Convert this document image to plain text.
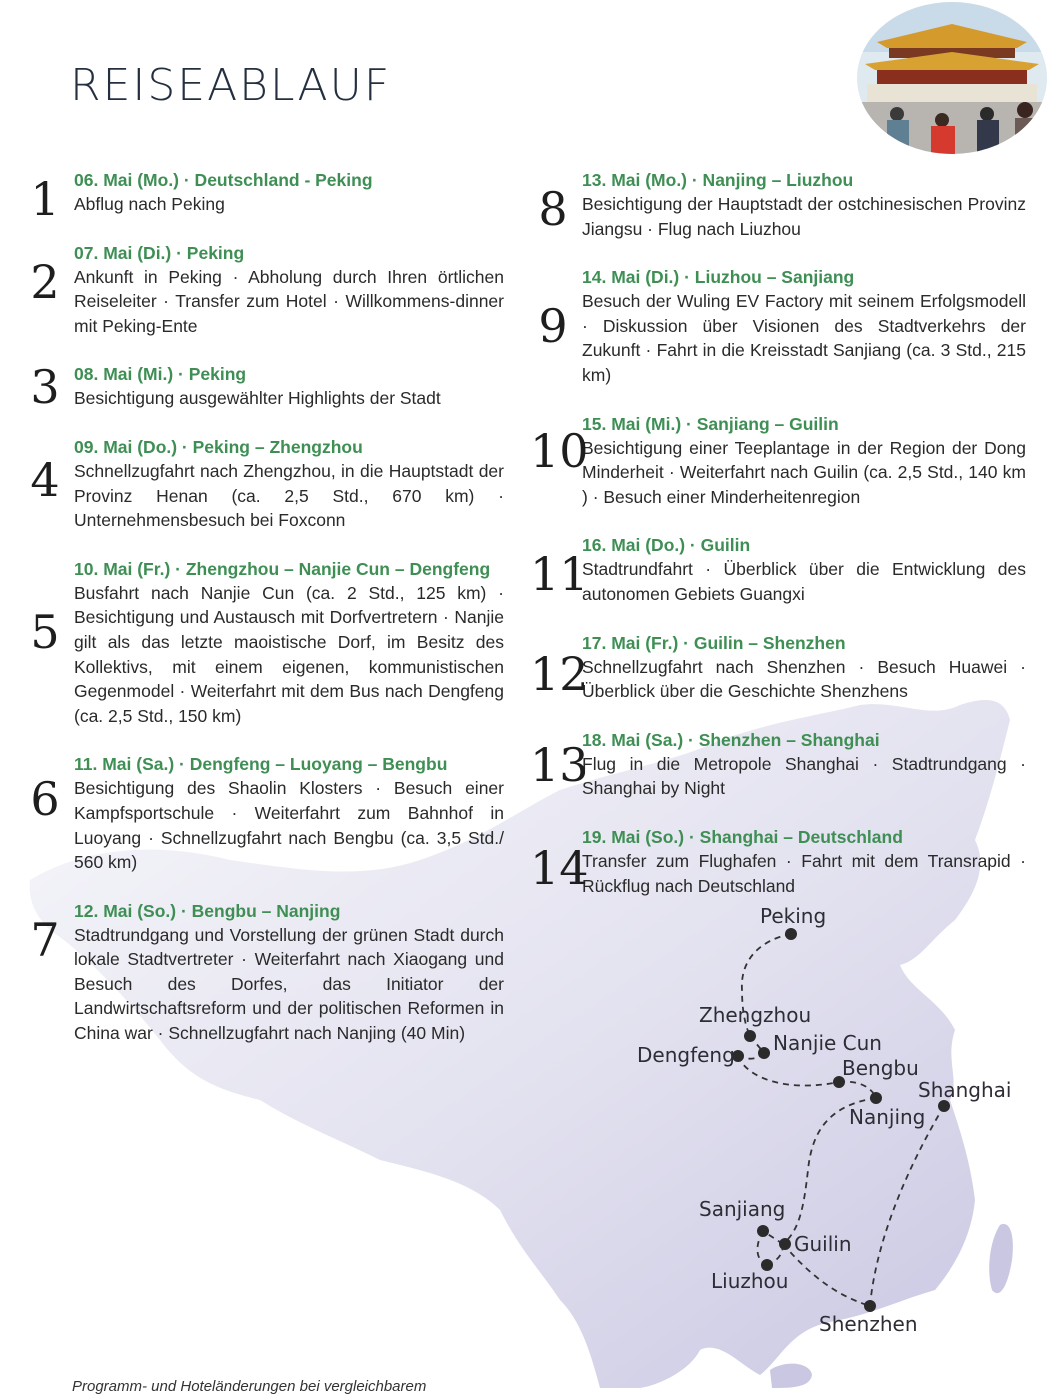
Peking
Zhengzhou
Nanjie Cun
Dengfeng
Bengbu
Nanjing
Shanghai
Sanjiang
Guilin
Liuzhou
Shenzhen
REISEABLAUF
1 06. Mai (Mo.) · Deutschland - Peking
Abflug nach Peking
2
07. Mai (Di.) · Peking
Ankunft in Peking · Abholung durch Ihren örtlichen Reiseleiter · Transfer zum Hotel · Willkommens-dinner mit Peking-Ente
3 08. Mai (Mi.) · Peking
Besichtigung ausgewählter Highlights der Stadt
4
09. Mai (Do.) · Peking – Zhengzhou
Schnellzugfahrt nach Zhengzhou, in die Hauptstadt der Provinz Henan (ca. 2,5 Std., 670 km) · Unternehmensbesuch bei Foxconn
5
10. Mai (Fr.) · Zhengzhou – Nanjie Cun – Dengfeng
Busfahrt nach Nanjie Cun (ca. 2 Std., 125 km) · Besichtigung und Austausch mit Dorfvertretern · Nanjie gilt als das letzte maoistische Dorf, im Besitz des Kollektivs, mit einem eigenen, kommunistischen Gegenmodel · Weiterfahrt mit dem Bus nach Dengfeng (ca. 2,5 Std., 150 km)
6
11. Mai (Sa.) · Dengfeng – Luoyang – Bengbu
Besichtigung des Shaolin Klosters · Besuch einer Kampfsportschule · Weiterfahrt zum Bahnhof in Luoyang · Schnellzugfahrt nach Bengbu (ca. 3,5 Std./ 560 km)
7
12. Mai (So.) · Bengbu – Nanjing
Stadtrundgang und Vorstellung der grünen Stadt durch lokale Stadtvertreter · Weiterfahrt nach Xiaogang und Besuch des Dorfes, das Initiator der Landwirtschaftsreform und der politischen Reformen in China war · Schnellzugfahrt nach Nanjing (40 Min)
8
13. Mai (Mo.) · Nanjing – Liuzhou
Besichtigung der Hauptstadt der ostchinesischen Provinz Jiangsu · Flug nach Liuzhou
9
14. Mai (Di.) · Liuzhou – Sanjiang
Besuch der Wuling EV Factory mit seinem Erfolgsmodell · Diskussion über Visionen des Stadtverkehrs der Zukunft · Fahrt in die Kreisstadt Sanjiang (ca. 3 Std., 215 km)
10
15. Mai (Mi.) · Sanjiang – Guilin
Besichtigung einer Teeplantage in der Region der Dong Minderheit · Weiterfahrt nach Guilin (ca. 2,5 Std., 140 km ) · Besuch einer Minderheitenregion
11
16. Mai (Do.) · Guilin
Stadtrundfahrt · Überblick über die Entwicklung des autonomen Gebiets Guangxi
12
17. Mai (Fr.) · Guilin – Shenzhen
Schnellzugfahrt nach Shenzhen · Besuch Huawei · Überblick über die Geschichte Shenzhens
13
18. Mai (Sa.) · Shenzhen – Shanghai
Flug in die Metropole Shanghai · Stadtrundgang · Shanghai by Night
14
19. Mai (So.) · Shanghai – Deutschland
Transfer zum Flughafen · Fahrt mit dem Transrapid · Rückflug nach Deutschland
Programm- und Hoteländerungen bei vergleichbarem
